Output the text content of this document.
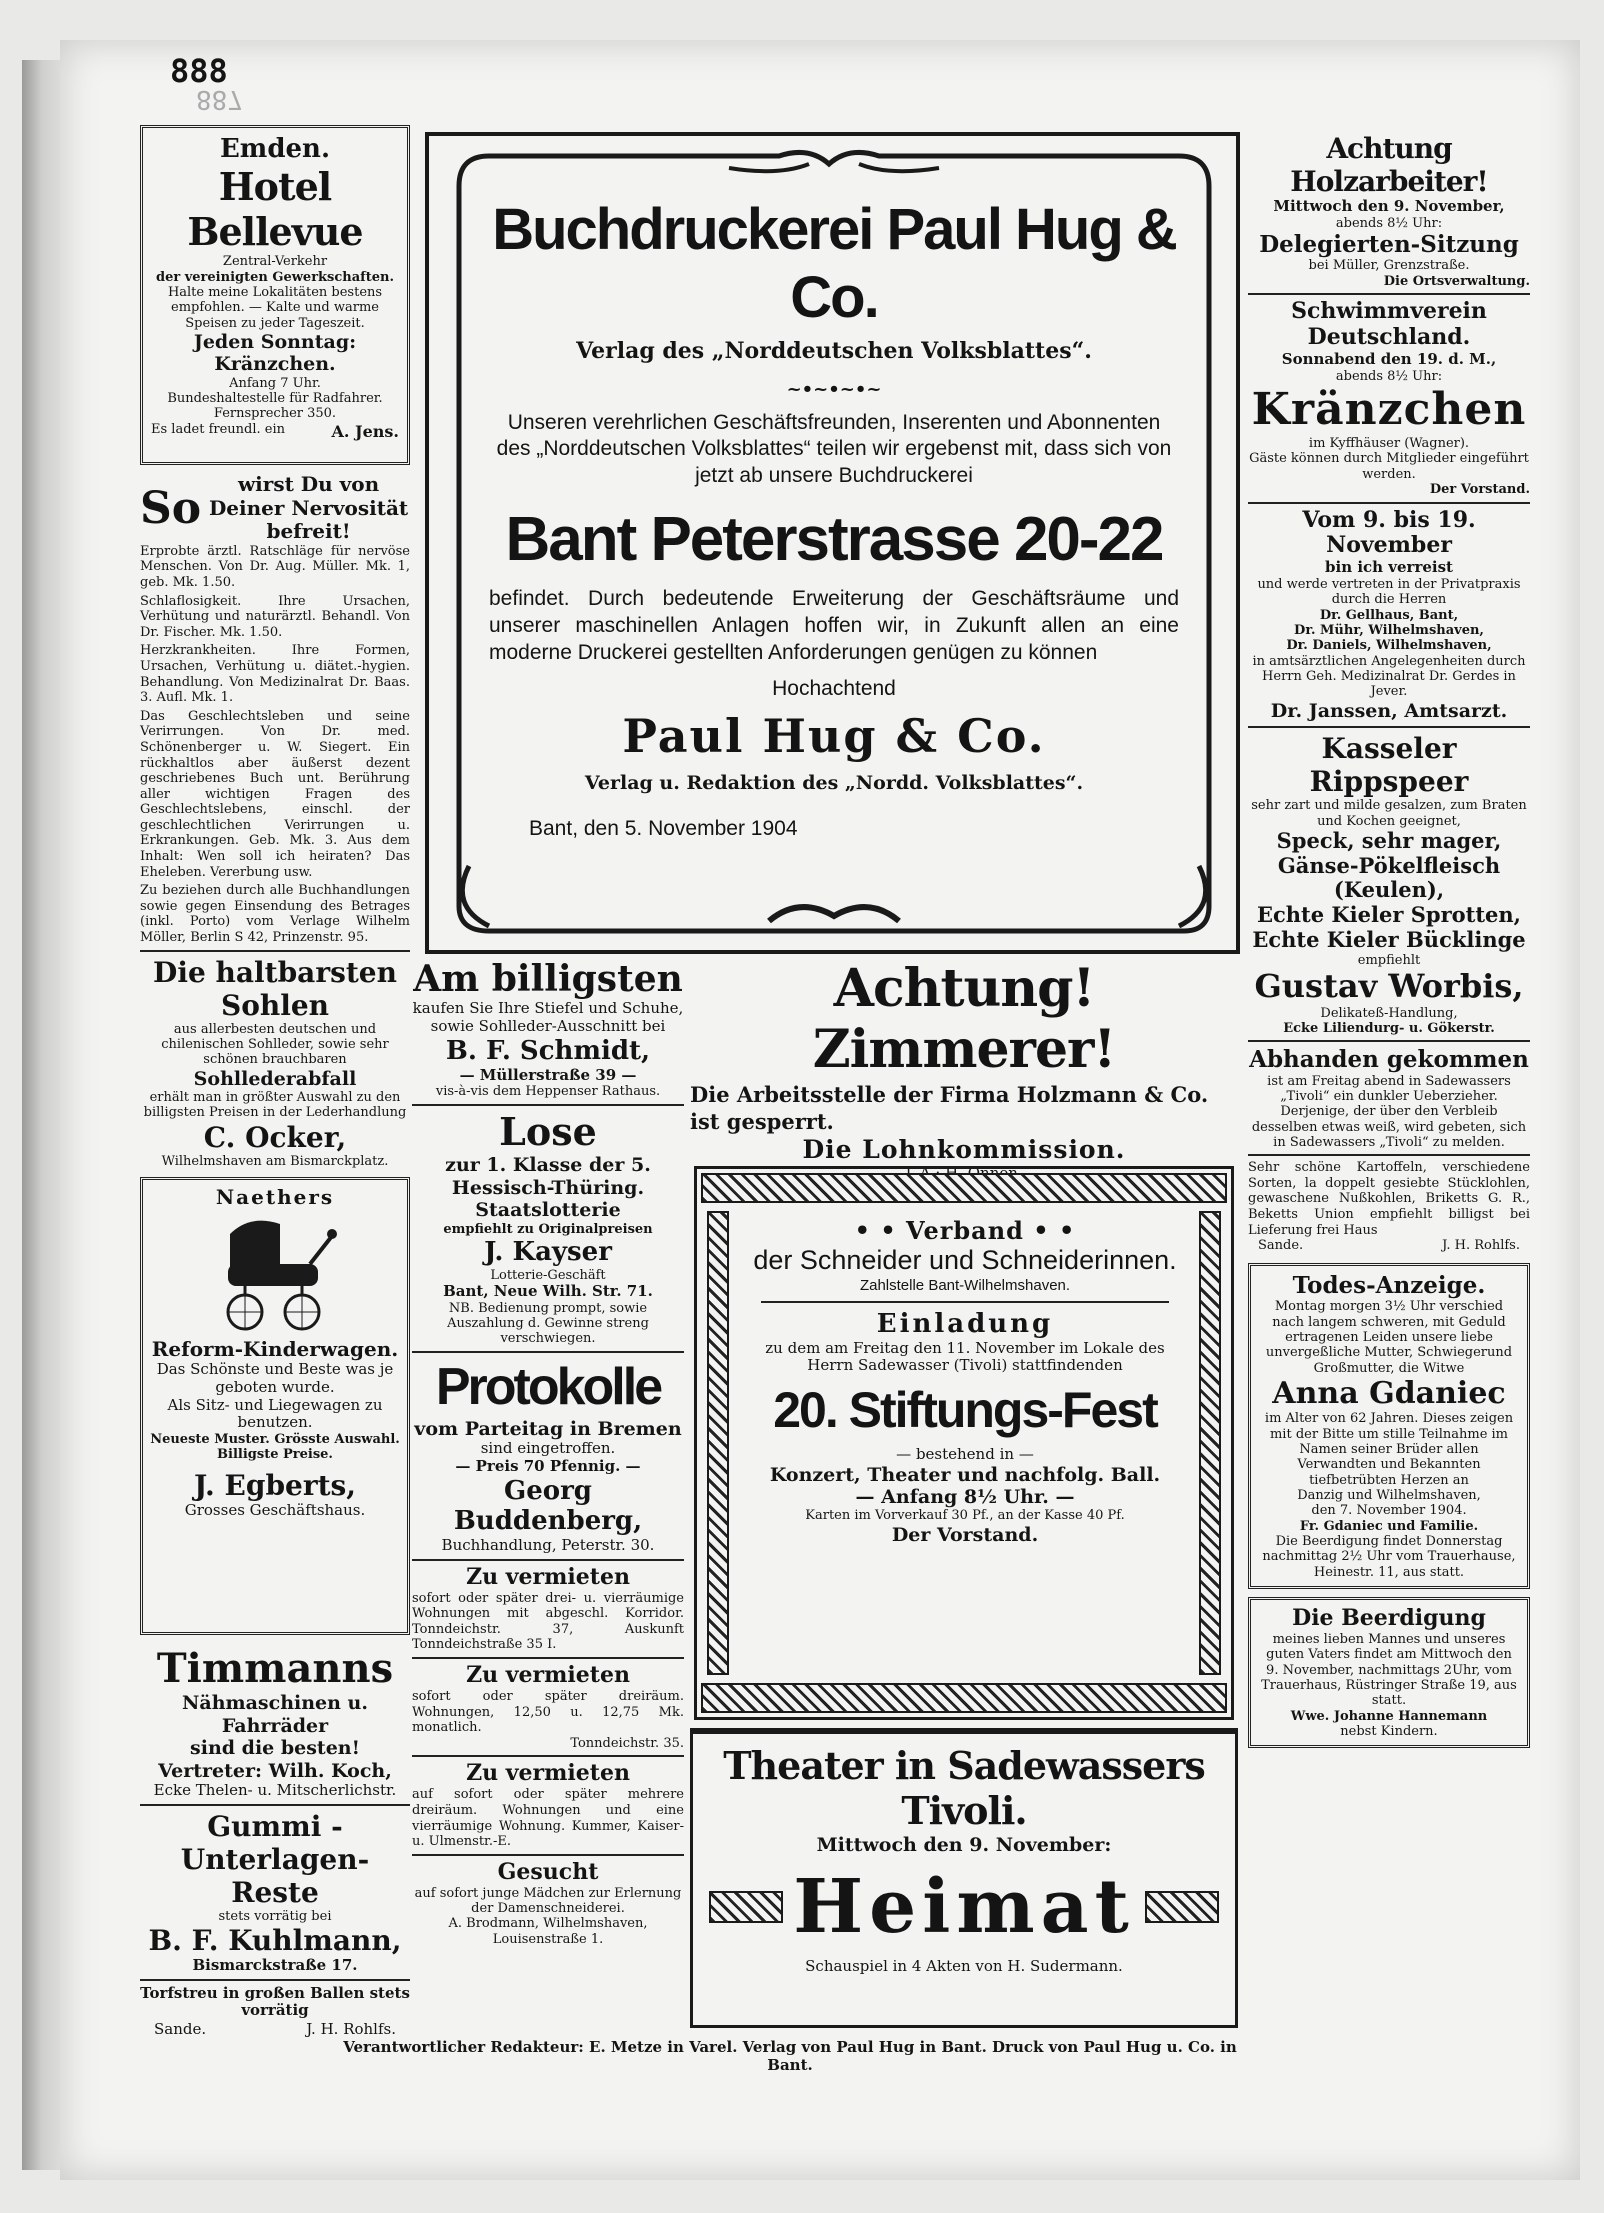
888
887
Emden.
Hotel Bellevue
Zentral-Verkehr
der vereinigten Gewerkschaften.
Halte meine Lokalitäten bestens empfohlen. — Kalte und warme Speisen zu jeder Tageszeit.
Jeden Sonntag: Kränzchen.
Anfang 7 Uhr.
Bundeshaltestelle für Radfahrer.
Fernsprecher 350.
Es ladet freundl. ein	A. Jens.
So	wirst Du von Deiner Nervosität befreit!
Erprobte ärztl. Ratschläge für nervöse Menschen. Von Dr. Aug. Müller. Mk. 1, geb. Mk. 1.50.
Schlaflosigkeit. Ihre Ursachen, Verhütung und naturärztl. Behandl. Von Dr. Fischer. Mk. 1.50.
Herzkrankheiten. Ihre Formen, Ursachen, Verhütung u. diätet.-hygien. Behandlung. Von Medizinalrat Dr. Baas. 3. Aufl. Mk. 1.
Das Geschlechtsleben und seine Verirrungen. Von Dr. med. Schönenberger u. W. Siegert. Ein rückhaltlos aber äußerst dezent geschriebenes Buch unt. Berührung aller wichtigen Fragen des Geschlechtslebens, einschl. der geschlechtlichen Verirrungen u. Erkrankungen. Geb. Mk. 3. Aus dem Inhalt: Wen soll ich heiraten? Das Eheleben. Vererbung usw.
Zu beziehen durch alle Buchhandlungen sowie gegen Einsendung des Betrages (inkl. Porto) vom Verlage Wilhelm Möller, Berlin S 42, Prinzenstr. 95.
Die haltbarsten Sohlen
aus allerbesten deutschen und chilenischen Sohlleder, sowie sehr schönen brauchbaren
Sohllederabfall
erhält man in größter Auswahl zu den billigsten Preisen in der Lederhandlung
C. Ocker,
Wilhelmshaven am Bismarckplatz.
Naethers
Reform-Kinderwagen.
Das Schönste und Beste was je geboten wurde.
Als Sitz- und Liegewagen zu benutzen.
Neueste Muster. Grösste Auswahl. Billigste Preise.
J. Egberts,
Grosses Geschäftshaus.
Timmanns
Nähmaschinen u. Fahrräder
sind die besten!
Vertreter: Wilh. Koch,
Ecke Thelen- u. Mitscherlichstr.
Gummi - Unterlagen-
Reste
stets vorrätig bei
B. F. Kuhlmann,
Bismarckstraße 17.
Torfstreu in großen Ballen stets vorrätig
Sande.	J. H. Rohlfs.
Buchdruckerei Paul Hug & Co.
Verlag des „Norddeutschen Volksblattes“.
~•~•~•~
Unseren verehrlichen Geschäftsfreunden, Inserenten und Abonnenten des „Norddeutschen Volksblattes“ teilen wir ergebenst mit, dass sich von jetzt ab unsere Buchdruckerei
Bant Peterstrasse 20-22
befindet. Durch bedeutende Erweiterung der Geschäftsräume und unserer maschinellen Anlagen hoffen wir, in Zukunft allen an eine moderne Druckerei gestellten Anforderungen genügen zu können
Hochachtend
Paul Hug & Co.
Verlag u. Redaktion des „Nordd. Volksblattes“.
Bant, den 5. November 1904
Am billigsten
kaufen Sie Ihre Stiefel und Schuhe, sowie Sohlleder-Ausschnitt bei
B. F. Schmidt,
— Müllerstraße 39 —
vis-à-vis dem Heppenser Rathaus.
Lose
zur 1. Klasse der 5. Hessisch-Thüring. Staatslotterie
empfiehlt zu Originalpreisen
J. Kayser
Lotterie-Geschäft
Bant, Neue Wilh. Str. 71.
NB. Bedienung prompt, sowie Auszahlung d. Gewinne streng verschwiegen.
Protokolle
vom Parteitag in Bremen
sind eingetroffen.
— Preis 70 Pfennig. —
Georg Buddenberg,
Buchhandlung, Peterstr. 30.
Zu vermieten
sofort oder später drei- u. vierräumige Wohnungen mit abgeschl. Korridor. Tonndeichstr. 37, Auskunft Tonndeichstraße 35 I.
Zu vermieten
sofort oder später dreiräum. Wohnungen, 12,50 u. 12,75 Mk. monatlich.
Tonndeichstr. 35.
Zu vermieten
auf sofort oder später mehrere dreiräum. Wohnungen und eine vierräumige Wohnung. Kummer, Kaiser- u. Ulmenstr.-E.
Gesucht
auf sofort junge Mädchen zur Erlernung der Damenschneiderei.
A. Brodmann, Wilhelmshaven,
Louisenstraße 1.
Achtung! Zimmerer!
Die Arbeitsstelle der Firma Holzmann & Co. ist gesperrt.
Die Lohnkommission.
• • Verband • •
der Schneider und Schneiderinnen.
Zahlstelle Bant-Wilhelmshaven.
Einladung
zu dem am Freitag den 11. November im Lokale des Herrn Sadewasser (Tivoli) stattfindenden
20. Stiftungs-Fest
— bestehend in —
Konzert, Theater und nachfolg. Ball.
— Anfang 8½ Uhr. —
Karten im Vorverkauf 30 Pf., an der Kasse 40 Pf.
Der Vorstand.
Theater in Sadewassers Tivoli.
Mittwoch den 9. November:
Heimat
Schauspiel in 4 Akten von H. Sudermann.
Achtung Holzarbeiter!
Mittwoch den 9. November,
abends 8½ Uhr:
Delegierten-Sitzung
bei Müller, Grenzstraße.
Die Ortsverwaltung.
Schwimmverein Deutschland.
Sonnabend den 19. d. M.,
abends 8½ Uhr:
Kränzchen
im Kyffhäuser (Wagner).
Gäste können durch Mitglieder eingeführt werden.
Der Vorstand.
Vom 9. bis 19. November
bin ich verreist
und werde vertreten in der Privatpraxis durch die Herren
Dr. Gellhaus, Bant,
Dr. Mühr, Wilhelmshaven,
Dr. Daniels, Wilhelmshaven,
in amtsärztlichen Angelegenheiten durch Herrn Geh. Medizinalrat Dr. Gerdes in Jever.
Dr. Janssen, Amtsarzt.
Kasseler Rippspeer
sehr zart und milde gesalzen, zum Braten und Kochen geeignet,
Speck, sehr mager,
Gänse-Pökelfleisch (Keulen),
Echte Kieler Sprotten,
Echte Kieler Bücklinge
empfiehlt
Gustav Worbis,
Delikateß-Handlung,
Ecke Liliendurg- u. Gökerstr.
Abhanden gekommen
ist am Freitag abend in Sadewassers „Tivoli“ ein dunkler Ueberzieher. Derjenige, der über den Verbleib desselben etwas weiß, wird gebeten, sich in Sadewassers „Tivoli“ zu melden.
Sehr schöne Kartoffeln, verschiedene Sorten, la doppelt gesiebte Stücklohlen, gewaschene Nußkohlen, Briketts G. R., Beketts Union empfiehlt billigst bei Lieferung frei Haus
Sande.	J. H. Rohlfs.
Todes-Anzeige.
Montag morgen 3½ Uhr verschied nach langem schweren, mit Geduld ertragenen Leiden unsere liebe unvergeßliche Mutter, Schwiegerund Großmutter, die Witwe
Anna Gdaniec
im Alter von 62 Jahren. Dieses zeigen mit der Bitte um stille Teilnahme im Namen seiner Brüder allen Verwandten und Bekannten tiefbetrübten Herzen an
Danzig und Wilhelmshaven,
den 7. November 1904.
Fr. Gdaniec und Familie.
Die Beerdigung findet Donnerstag nachmittag 2½ Uhr vom Trauerhause, Heinestr. 11, aus statt.
Die Beerdigung
meines lieben Mannes und unseres guten Vaters findet am Mittwoch den 9. November, nachmittags 2Uhr, vom Trauerhaus, Rüstringer Straße 19, aus statt.
Wwe. Johanne Hannemann
nebst Kindern.
Verantwortlicher Redakteur: E. Metze in Varel. Verlag von Paul Hug in Bant. Druck von Paul Hug u. Co. in Bant.
